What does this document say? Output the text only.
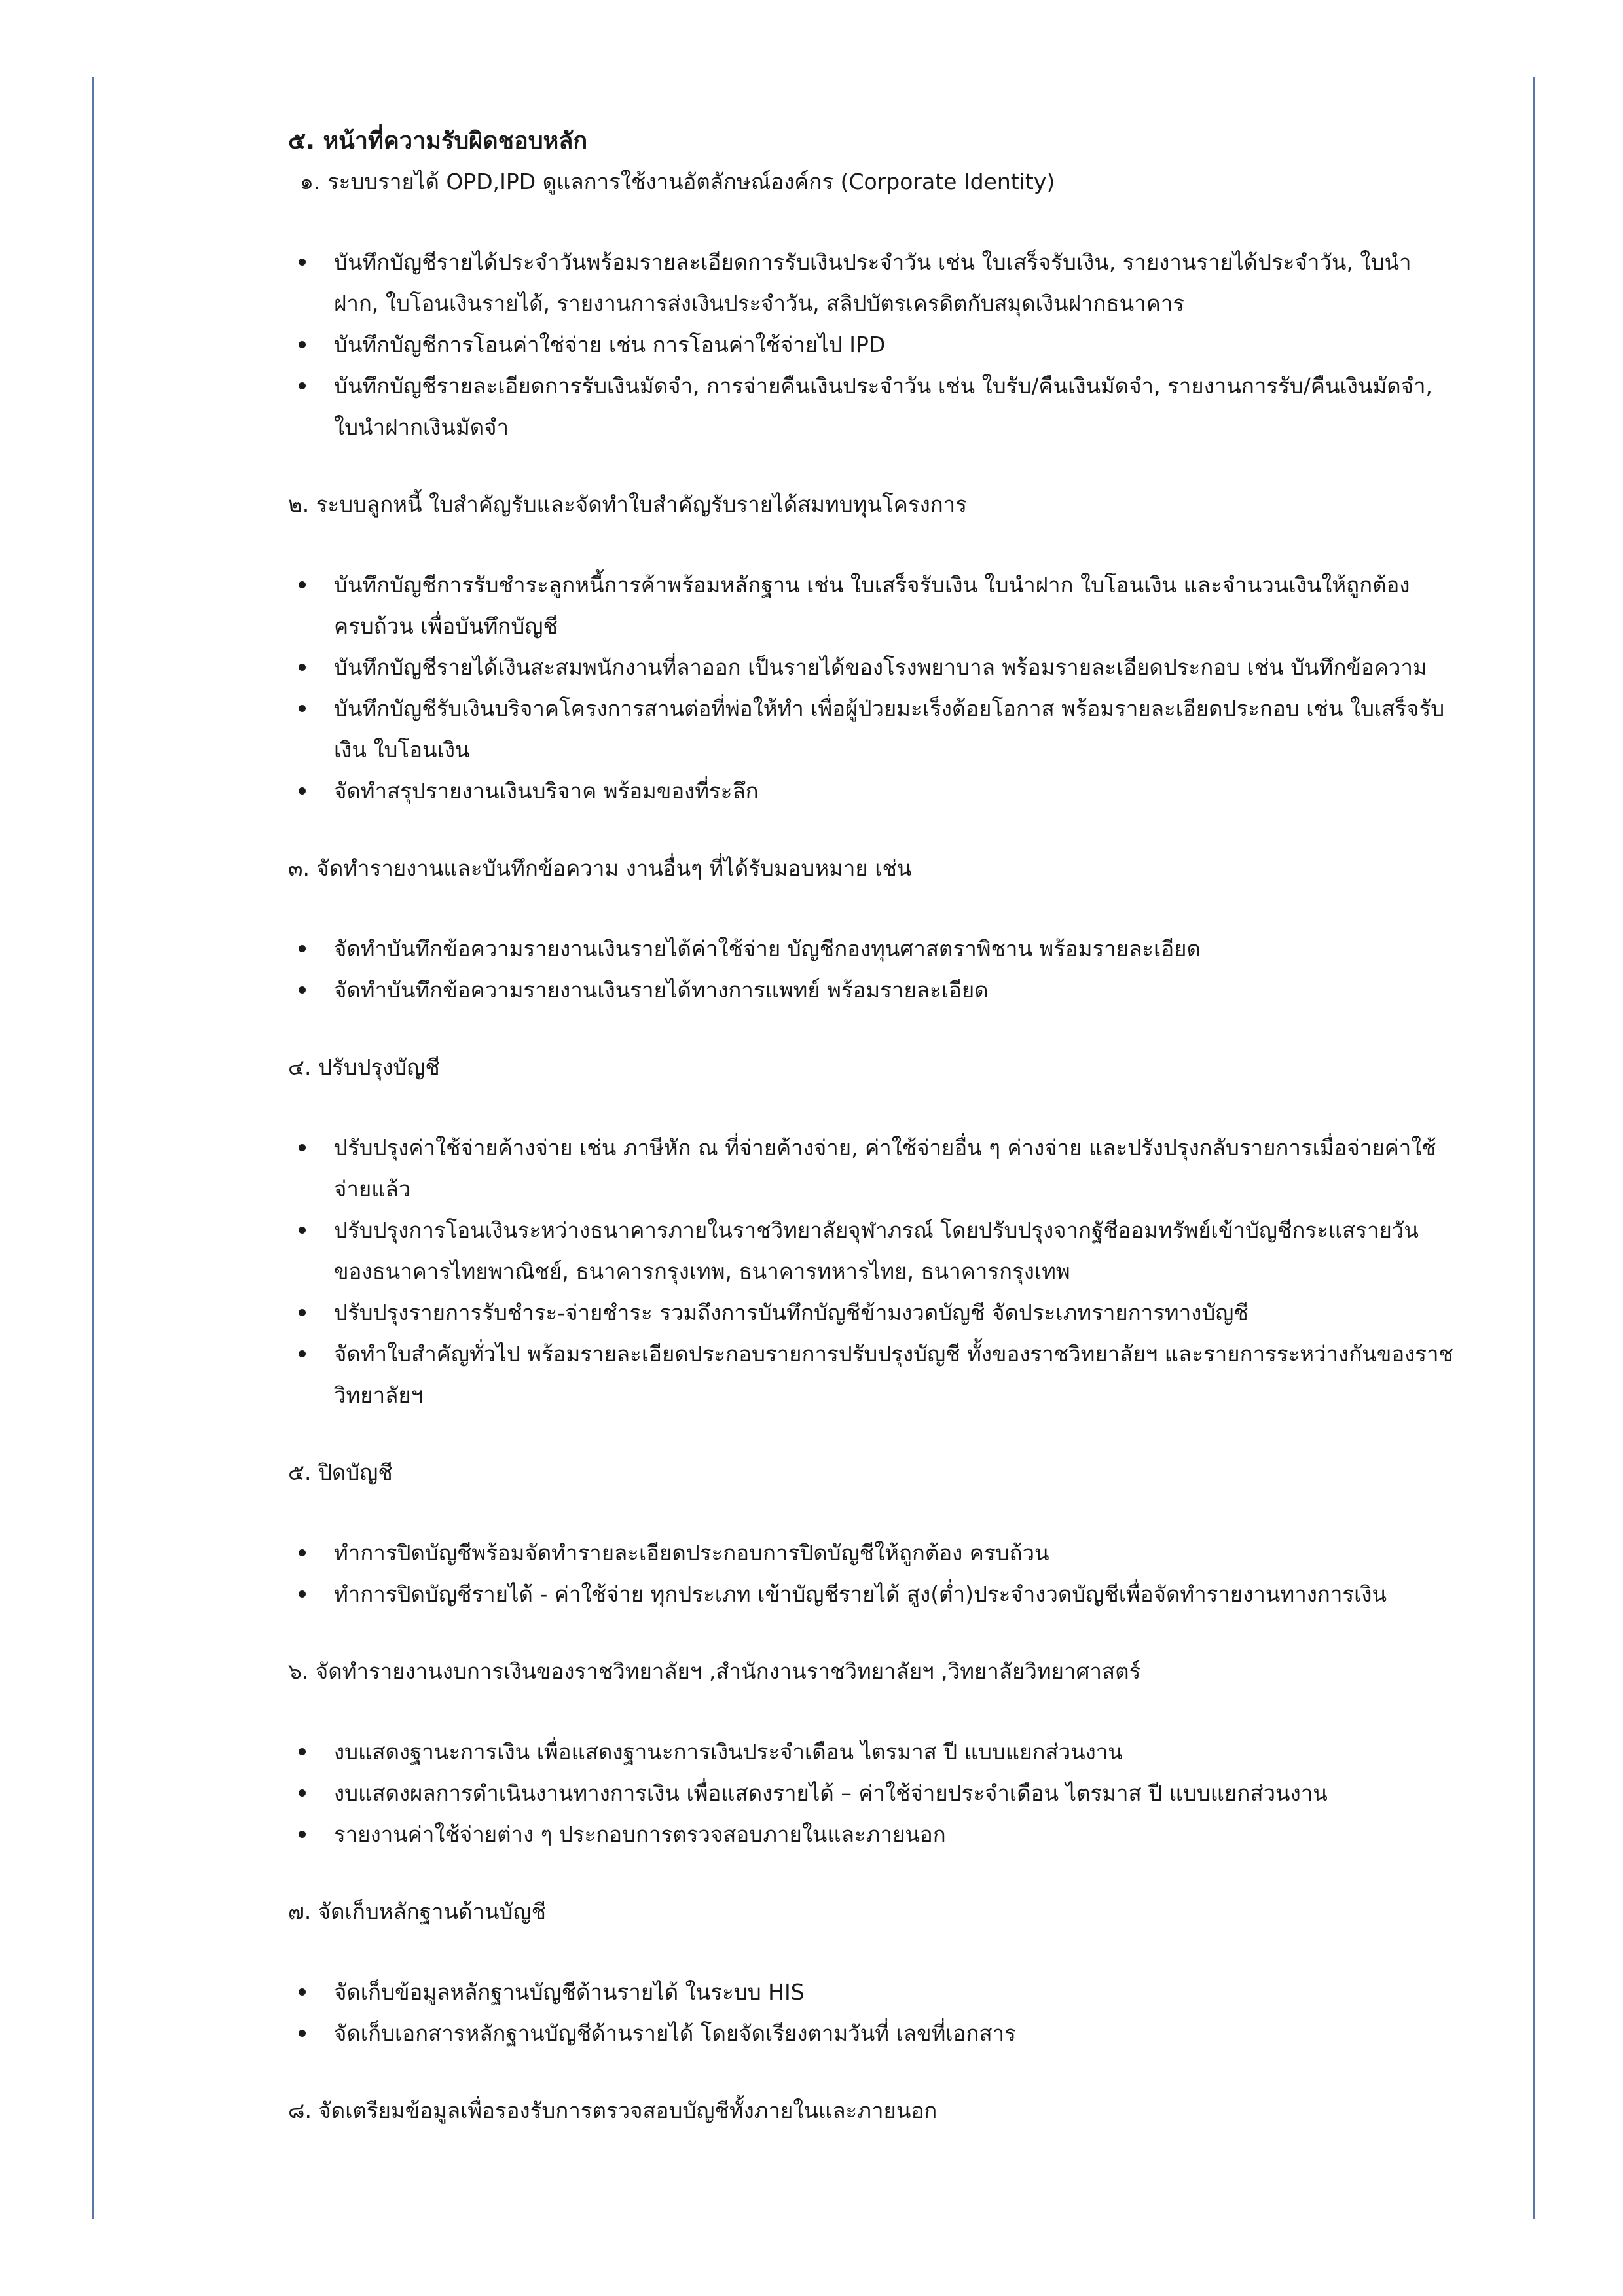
๕. หน้าที่ความรับผิดชอบหลัก

๑. ระบบรายได้ OPD,IPD ดูแลการใช้งานอัตลักษณ์องค์กร (Corporate Identity)

บันทึกบัญชีรายได้ประจำวันพร้อมรายละเอียดการรับเงินประจำวัน เช่น ใบเสร็จรับเงิน, รายงานรายได้ประจำวัน, ใบนำฝาก, ใบโอนเงินรายได้, รายงานการส่งเงินประจำวัน, สลิปบัตรเครดิตกับสมุดเงินฝากธนาคาร
บันทึกบัญชีการโอนค่าใช่จ่าย เช่น การโอนค่าใช้จ่ายไป IPD
บันทึกบัญชีรายละเอียดการรับเงินมัดจำ, การจ่ายคืนเงินประจำวัน เช่น ใบรับ/คืนเงินมัดจำ, รายงานการรับ/คืนเงินมัดจำ, ใบนำฝากเงินมัดจำ

๒. ระบบลูกหนี้ ใบสำคัญรับและจัดทำใบสำคัญรับรายได้สมทบทุนโครงการ

บันทึกบัญชีการรับชำระลูกหนี้การค้าพร้อมหลักฐาน เช่น ใบเสร็จรับเงิน ใบนำฝาก ใบโอนเงิน และจำนวนเงินให้ถูกต้อง ครบถ้วน เพื่อบันทึกบัญชี
บันทึกบัญชีรายได้เงินสะสมพนักงานที่ลาออก เป็นรายได้ของโรงพยาบาล พร้อมรายละเอียดประกอบ เช่น บันทึกข้อความ
บันทึกบัญชีรับเงินบริจาคโครงการสานต่อที่พ่อให้ทำ เพื่อผู้ป่วยมะเร็งด้อยโอกาส พร้อมรายละเอียดประกอบ เช่น ใบเสร็จรับเงิน ใบโอนเงิน
จัดทำสรุปรายงานเงินบริจาค พร้อมของที่ระลึก

๓. จัดทำรายงานและบันทึกข้อความ งานอื่นๆ ที่ได้รับมอบหมาย เช่น

จัดทำบันทึกข้อความรายงานเงินรายได้ค่าใช้จ่าย บัญชีกองทุนศาสตราพิชาน พร้อมรายละเอียด
จัดทำบันทึกข้อความรายงานเงินรายได้ทางการแพทย์ พร้อมรายละเอียด

๔. ปรับปรุงบัญชี

ปรับปรุงค่าใช้จ่ายค้างจ่าย เช่น ภาษีหัก ณ ที่จ่ายค้างจ่าย, ค่าใช้จ่ายอื่น ๆ ค่างจ่าย และปรังปรุงกลับรายการเมื่อจ่ายค่าใช้จ่ายแล้ว
ปรับปรุงการโอนเงินระหว่างธนาคารภายในราชวิทยาลัยจุฬาภรณ์ โดยปรับปรุงจากฐัชีออมทรัพย์เข้าบัญชีกระแสรายวันของธนาคารไทยพาณิชย์, ธนาคารกรุงเทพ, ธนาคารทหารไทย, ธนาคารกรุงเทพ
ปรับปรุงรายการรับชำระ-จ่ายชำระ รวมถึงการบันทึกบัญชีข้ามงวดบัญชี จัดประเภทรายการทางบัญชี
จัดทำใบสำคัญทั่วไป พร้อมรายละเอียดประกอบรายการปรับปรุงบัญชี ทั้งของราชวิทยาลัยฯ และรายการระหว่างกันของราชวิทยาลัยฯ

๕. ปิดบัญชี

ทำการปิดบัญชีพร้อมจัดทำรายละเอียดประกอบการปิดบัญชีให้ถูกต้อง ครบถ้วน
ทำการปิดบัญชีรายได้ - ค่าใช้จ่าย ทุกประเภท เข้าบัญชีรายได้ สูง(ต่ำ)ประจำงวดบัญชีเพื่อจัดทำรายงานทางการเงิน

๖. จัดทำรายงานงบการเงินของราชวิทยาลัยฯ ,สำนักงานราชวิทยาลัยฯ ,วิทยาลัยวิทยาศาสตร์

งบแสดงฐานะการเงิน เพื่อแสดงฐานะการเงินประจำเดือน ไตรมาส ปี แบบแยกส่วนงาน
งบแสดงผลการดำเนินงานทางการเงิน เพื่อแสดงรายได้ – ค่าใช้จ่ายประจำเดือน ไตรมาส ปี แบบแยกส่วนงาน
รายงานค่าใช้จ่ายต่าง ๆ ประกอบการตรวจสอบภายในและภายนอก

๗. จัดเก็บหลักฐานด้านบัญชี

จัดเก็บข้อมูลหลักฐานบัญชีด้านรายได้ ในระบบ HIS
จัดเก็บเอกสารหลักฐานบัญชีด้านรายได้ โดยจัดเรียงตามวันที่ เลขที่เอกสาร

๘. จัดเตรียมข้อมูลเพื่อรองรับการตรวจสอบบัญชีทั้งภายในและภายนอก
